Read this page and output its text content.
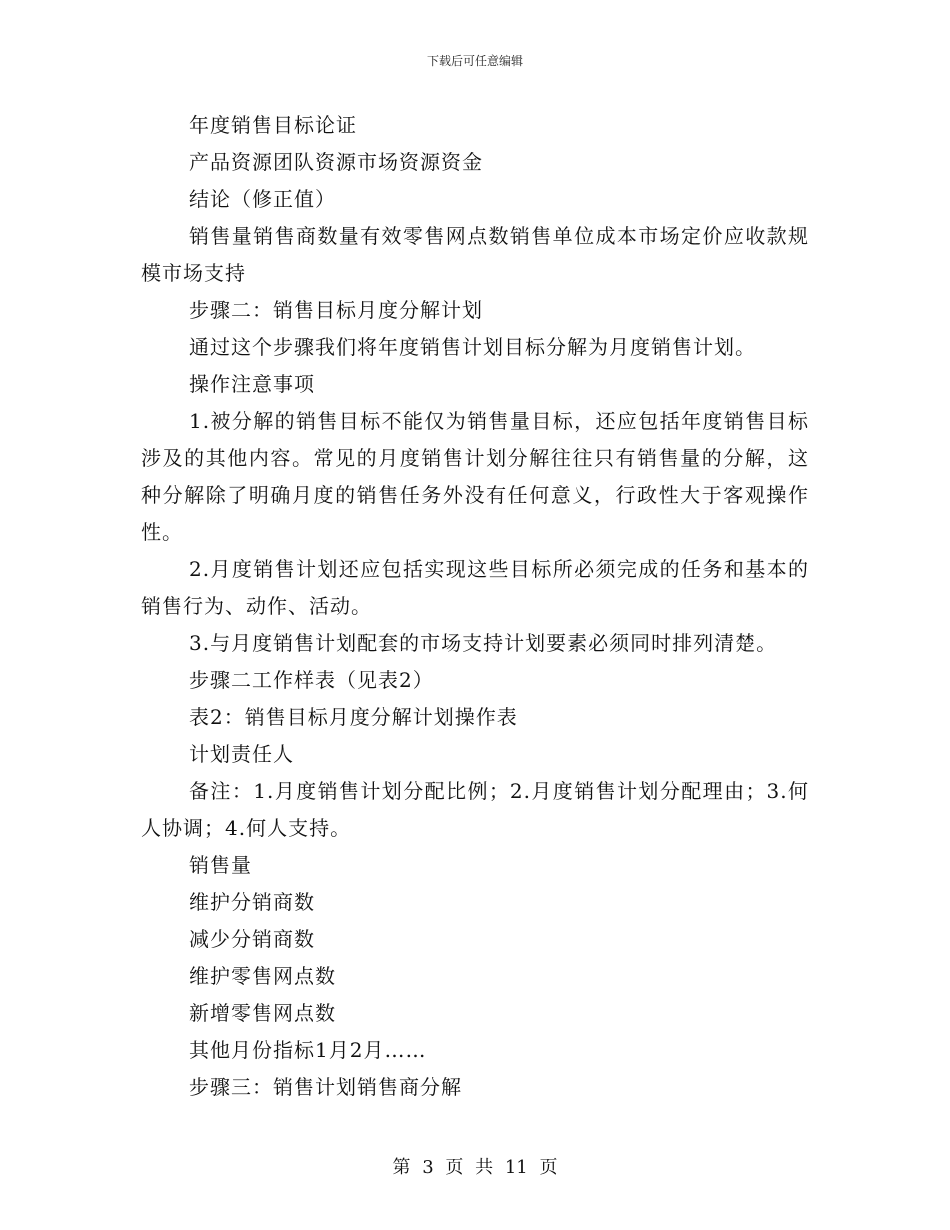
下载后可任意编辑

年度销售目标论证

产品资源团队资源市场资源资金

结论（修正值）

销售量销售商数量有效零售网点数销售单位成本市场定价应收款规模市场支持

步骤二：销售目标月度分解计划

通过这个步骤我们将年度销售计划目标分解为月度销售计划。

操作注意事项

1.被分解的销售目标不能仅为销售量目标，还应包括年度销售目标涉及的其他内容。常见的月度销售计划分解往往只有销售量的分解，这种分解除了明确月度的销售任务外没有任何意义，行政性大于客观操作性。

2.月度销售计划还应包括实现这些目标所必须完成的任务和基本的销售行为、动作、活动。

3.与月度销售计划配套的市场支持计划要素必须同时排列清楚。

步骤二工作样表（见表2）

表2：销售目标月度分解计划操作表

计划责任人

备注：1.月度销售计划分配比例；2.月度销售计划分配理由；3.何人协调；4.何人支持。

销售量

维护分销商数

减少分销商数

维护零售网点数

新增零售网点数

其他月份指标1月2月……

步骤三：销售计划销售商分解

第 3 页 共 11 页
